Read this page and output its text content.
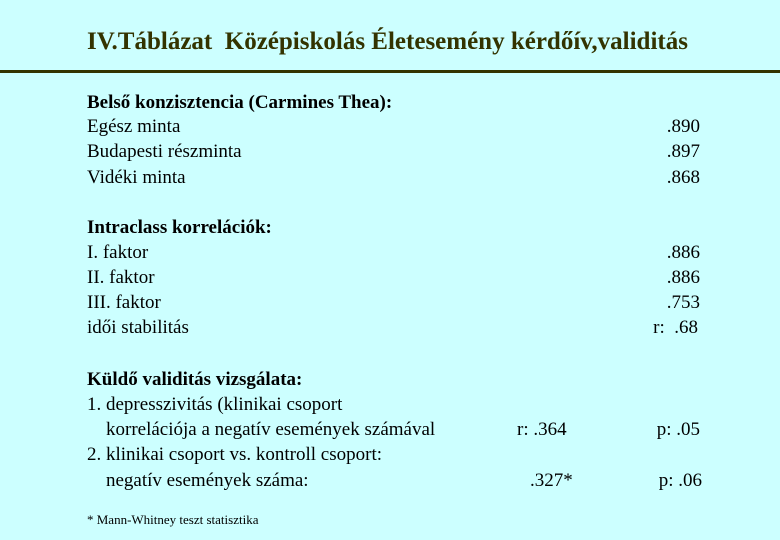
IV.Táblázat  Középiskolás Életesemény kérdőív,validitás
Belső konzisztencia (Carmines Thea):
Egész minta	.890
Budapesti részminta	.897
Vidéki minta	.868
Intraclass korrelációk:
I. faktor	.886
II. faktor	.886
III. faktor	.753
idői stabilitás	r:  .68
Küldő validitás vizsgálata:
1. depresszivitás (klinikai csoport
korrelációja a negatív események számával	r: .364	p: .05
2. klinikai csoport vs. kontroll csoport:
negatív események száma:	.327*	p: .06
* Mann-Whitney teszt statisztika
